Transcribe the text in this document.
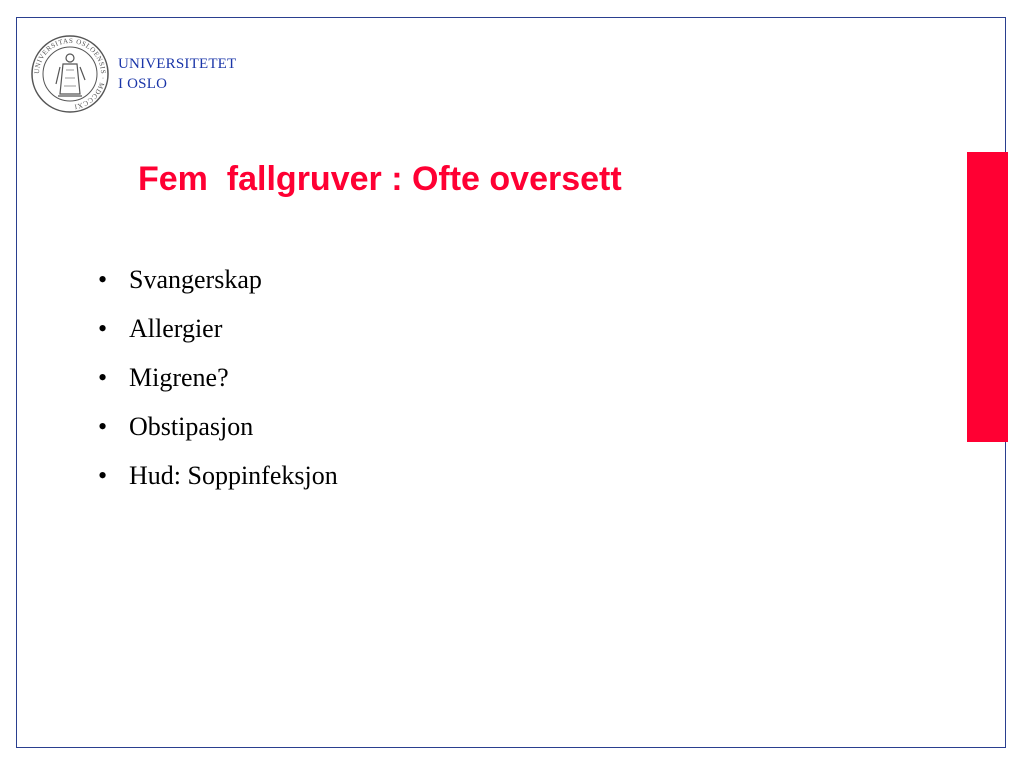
UNIVERSITAS OSLOENSIS · MDCCCXI
UNIVERSITETET
I OSLO
Fem  fallgruver : Ofte oversett
• Svangerskap
• Allergier
• Migrene?
• Obstipasjon
• Hud: Soppinfeksjon
